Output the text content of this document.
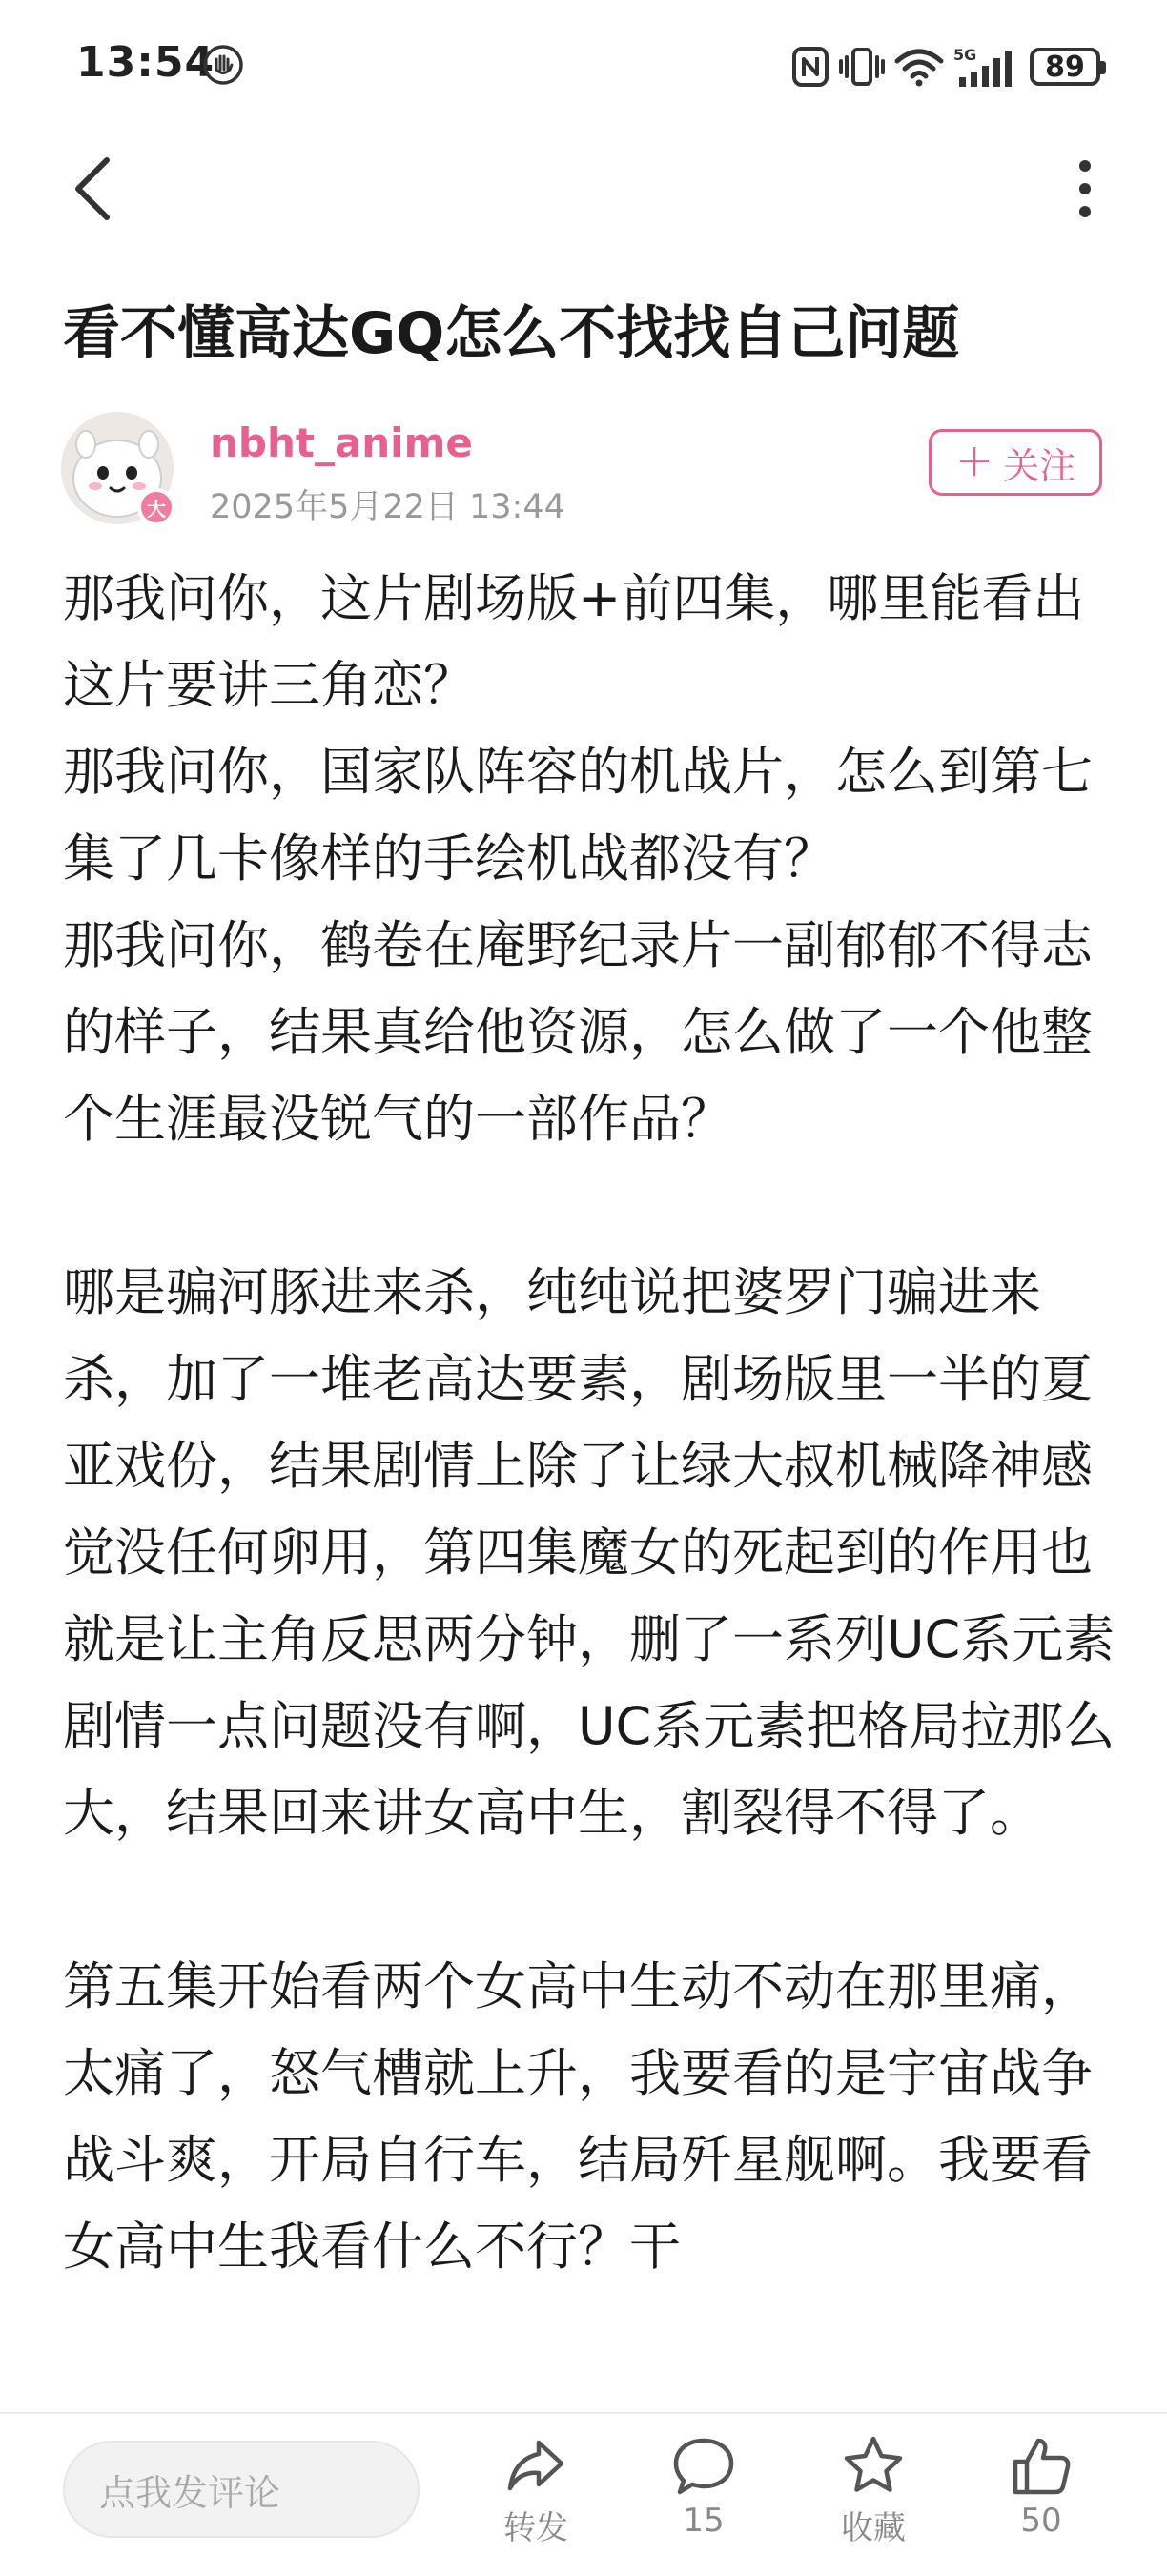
13:54	5G	89
看不懂高达GQ怎么不找找自己问题
大
nbht_anime
2025年5月22日 13:44
+ 关注

那我问你，这片剧场版+前四集，哪里能看出这片要讲三角恋？

那我问你，国家队阵容的机战片，怎么到第七集了几卡像样的手绘机战都没有？

那我问你，鹤卷在庵野纪录片一副郁郁不得志的样子，结果真给他资源，怎么做了一个他整个生涯最没锐气的一部作品？

哪是骗河豚进来杀，纯纯说把婆罗门骗进来杀，加了一堆老高达要素，剧场版里一半的夏亚戏份，结果剧情上除了让绿大叔机械降神感觉没任何卵用，第四集魔女的死起到的作用也就是让主角反思两分钟，删了一系列UC系元素剧情一点问题没有啊，UC系元素把格局拉那么大，结果回来讲女高中生，割裂得不得了。

第五集开始看两个女高中生动不动在那里痛，太痛了，怒气槽就上升，我要看的是宇宙战争战斗爽，开局自行车，结局歼星舰啊。我要看女高中生我看什么不行？干

点我发评论
转发	15	收藏	50
